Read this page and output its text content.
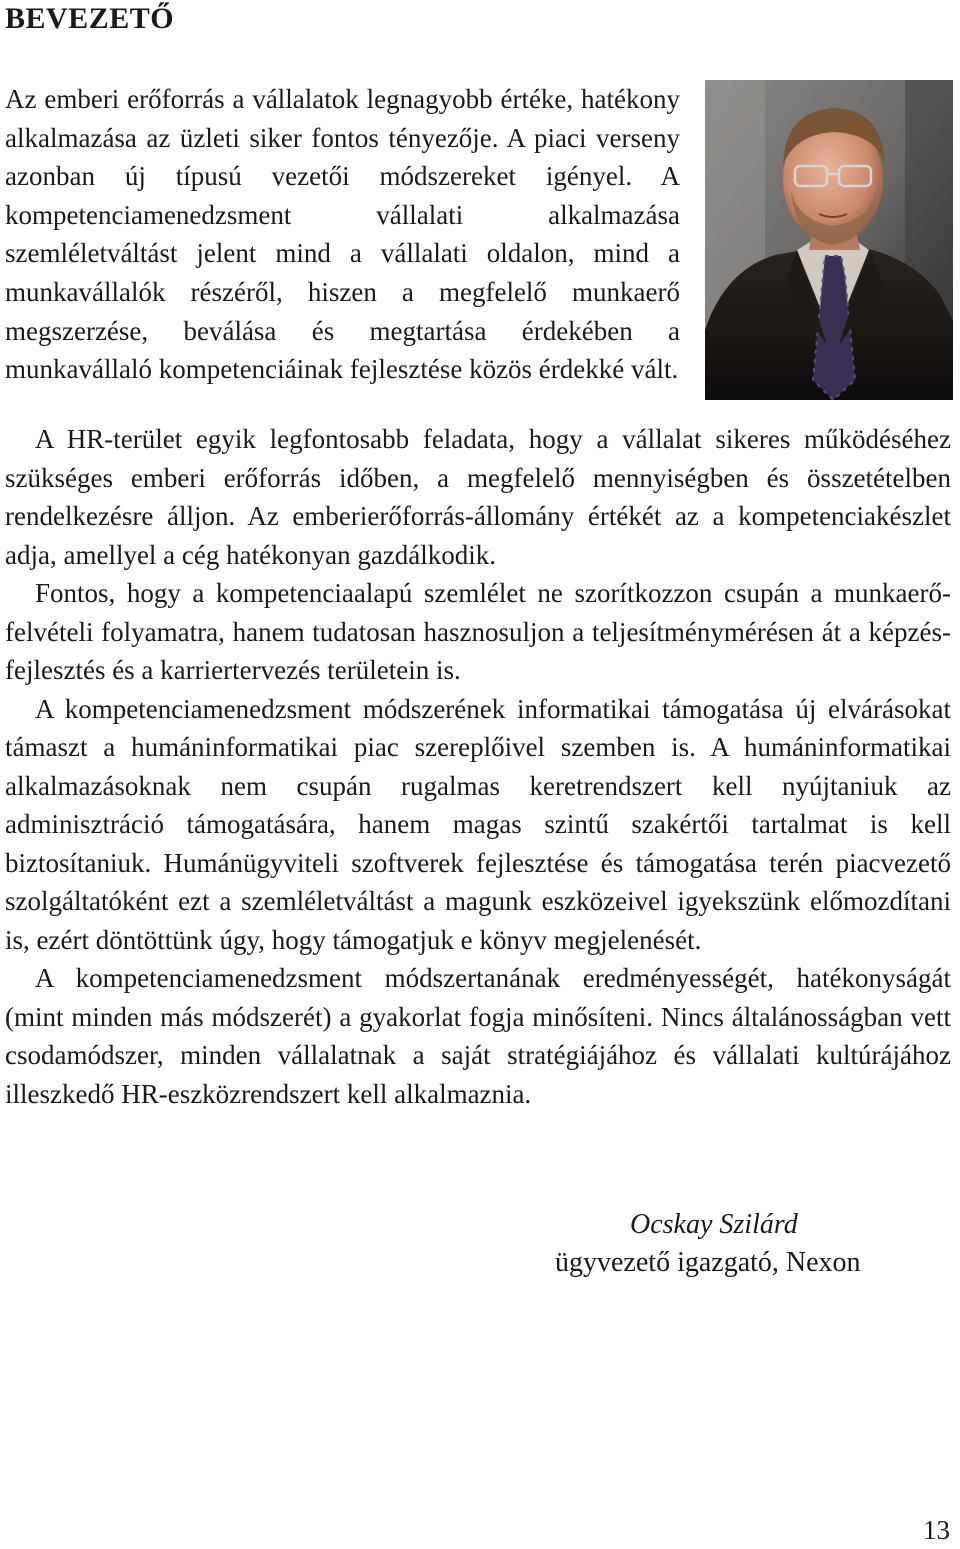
BEVEZETŐ

Az emberi erőforrás a vállalatok legnagyobb értéke, hatékony alkalmazása az üzleti siker fontos tényezője. A piaci verseny azonban új típusú vezetői módszereket igényel. A kompetenciamenedzsment vállalati alkalmazása szemléletváltást jelent mind a vállalati oldalon, mind a munkavállalók részéről, hiszen a megfelelő munkaerő megszerzése, beválása és megtartása érdekében a munkavállaló kompetenciáinak fejlesztése közös érdekké vált.

A HR-terület egyik legfontosabb feladata, hogy a vállalat sikeres működéséhez szükséges emberi erőforrás időben, a megfelelő mennyiségben és összetételben rendelkezésre álljon. Az emberierőforrás-állomány értékét az a kompetenciakészlet adja, amellyel a cég hatékonyan gazdálkodik.

Fontos, hogy a kompetenciaalapú szemlélet ne szorítkozzon csupán a munkaerő-felvételi folyamatra, hanem tudatosan hasznosuljon a teljesítménymérésen át a képzés-fejlesztés és a karriertervezés területein is.

A kompetenciamenedzsment módszerének informatikai támogatása új elvárásokat támaszt a humáninformatikai piac szereplőivel szemben is. A humáninformatikai alkalmazásoknak nem csupán rugalmas keretrendszert kell nyújtaniuk az adminisztráció támogatására, hanem magas szintű szakértői tartalmat is kell biztosítaniuk. Humánügyviteli szoftverek fejlesztése és támogatása terén piacvezető szolgáltatóként ezt a szemléletváltást a magunk eszközeivel igyekszünk előmozdítani is, ezért döntöttünk úgy, hogy támogatjuk e könyv megjelenését.

A kompetenciamenedzsment módszertanának eredményességét, hatékonyságát (mint minden más módszerét) a gyakorlat fogja minősíteni. Nincs általánosságban vett csodamódszer, minden vállalatnak a saját stratégiájához és vállalati kultúrájához illeszkedő HR-eszközrendszert kell alkalmaznia.

Ocskay Szilárd
ügyvezető igazgató, Nexon
13
